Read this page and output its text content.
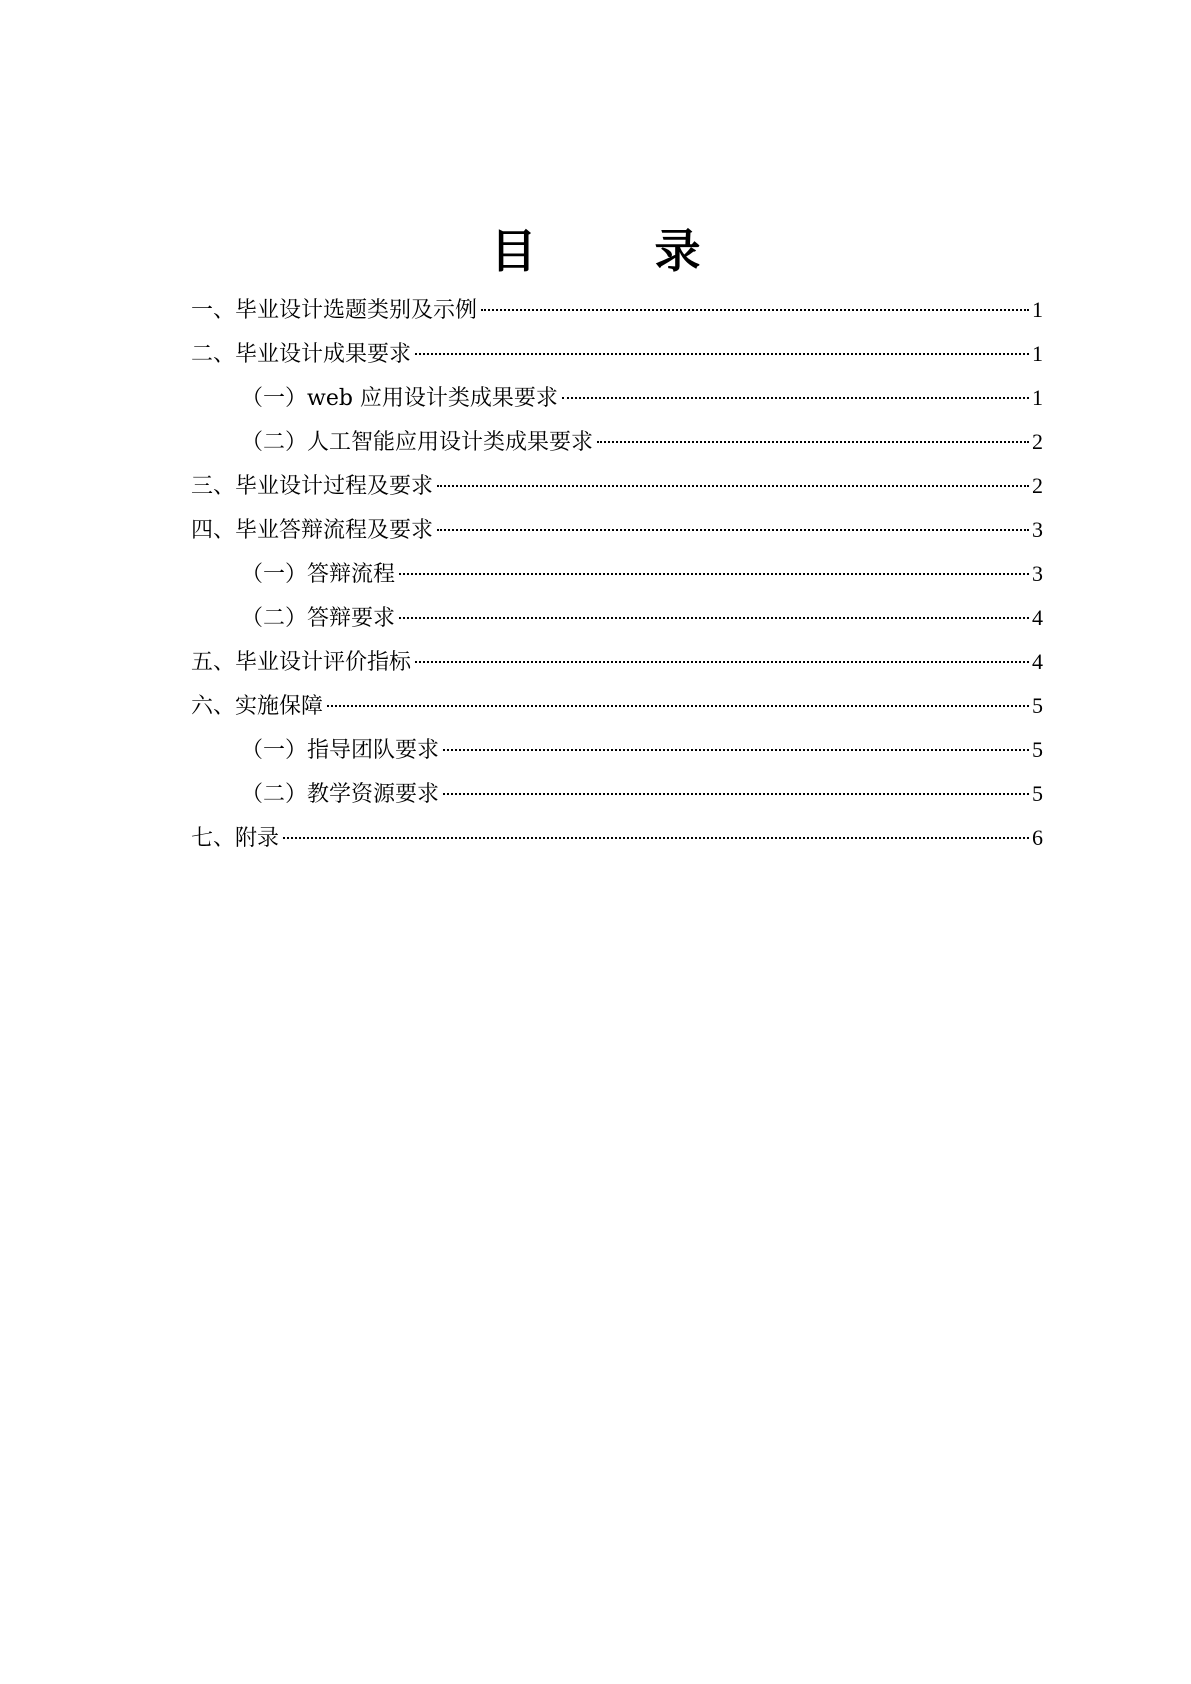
目　录
一、毕业设计选题类别及示例	1
二、毕业设计成果要求	1
（一）web 应用设计类成果要求	1
（二）人工智能应用设计类成果要求	2
三、毕业设计过程及要求	2
四、毕业答辩流程及要求	3
（一）答辩流程	3
（二）答辩要求	4
五、毕业设计评价指标	4
六、实施保障	5
（一）指导团队要求	5
（二）教学资源要求	5
七、附录	6
